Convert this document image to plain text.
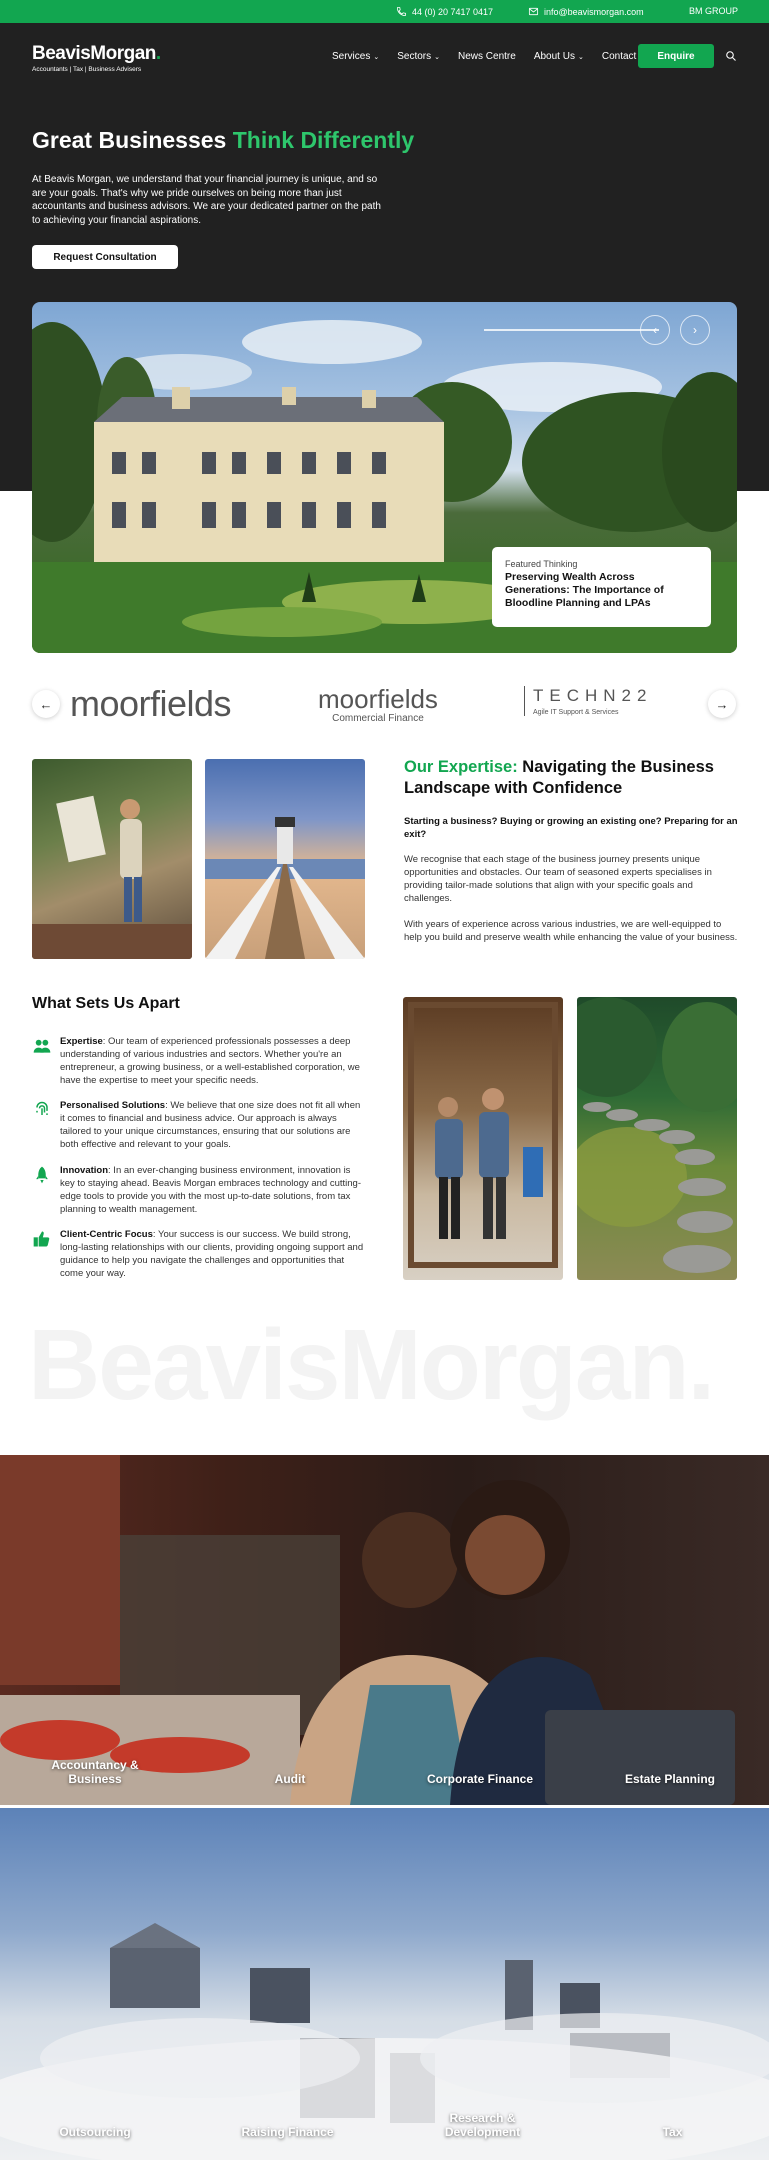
44 (0) 20 7417 0417	info@beavismorgan.com	BM GROUP
BeavisMorgan.
Accountants | Tax | Business Advisers
Services ⌄ Sectors ⌄ News Centre About Us ⌄ Contact	Enquire
Great Businesses Think Differently
At Beavis Morgan, we understand that your financial journey is unique, and so are your goals. That's why we pride ourselves on being more than just accountants and business advisors. We are your dedicated partner on the path to achieving your financial aspirations.
Request Consultation
‹	›
Featured Thinking
Preserving Wealth Across Generations: The Importance of Bloodline Planning and LPAs
← moorfields	moorfields
Commercial Finance
TECHN22
Agile IT Support & Services
→
Our Expertise: Navigating the Business Landscape with Confidence
Starting a business? Buying or growing an existing one? Preparing for an exit?
We recognise that each stage of the business journey presents unique opportunities and obstacles. Our team of seasoned experts specialises in providing tailor-made solutions that align with your specific goals and challenges.
With years of experience across various industries, we are well-equipped to help you build and preserve wealth while enhancing the value of your business.
What Sets Us Apart
Expertise: Our team of experienced professionals possesses a deep understanding of various industries and sectors. Whether you're an entrepreneur, a growing business, or a well-established corporation, we have the expertise to meet your specific needs.
Personalised Solutions: We believe that one size does not fit all when it comes to financial and business advice. Our approach is always tailored to your unique circumstances, ensuring that our solutions are both effective and relevant to your goals.
Innovation: In an ever-changing business environment, innovation is key to staying ahead. Beavis Morgan embraces technology and cutting-edge tools to provide you with the most up-to-date solutions, from tax planning to wealth management.
Client-Centric Focus: Your success is our success. We build strong, long-lasting relationships with our clients, providing ongoing support and guidance to help you navigate the challenges and opportunities that come your way.
BeavisMorgan.
Accountancy & Business	Audit	Corporate Finance	Estate Planning
Outsourcing	Raising Finance
Research & Development	Tax
